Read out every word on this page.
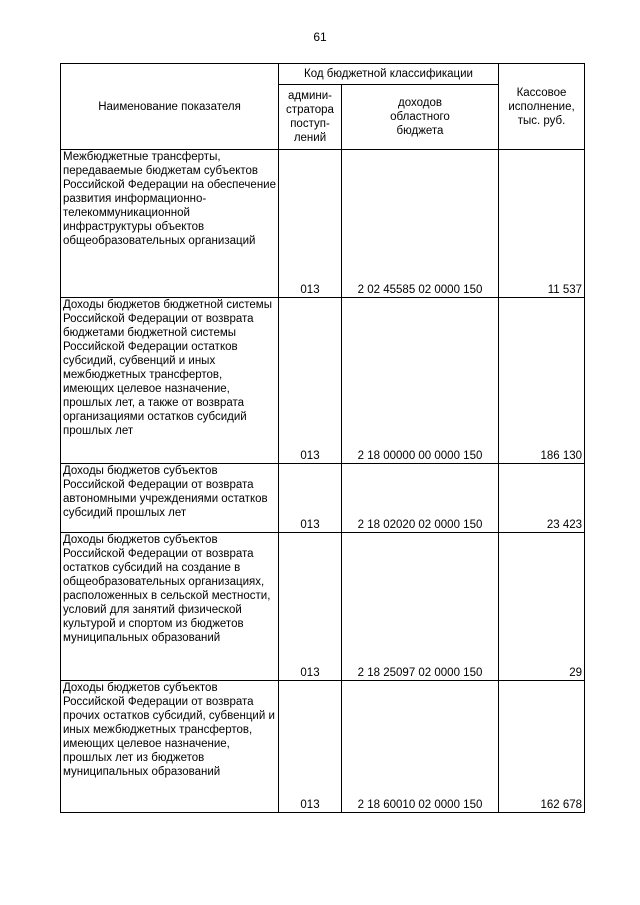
61
Наименование показателя	Код бюджетной классификации		Кассовое
исполнение,
тыс. руб.
	админи-
стратора
поступ-
лений	доходов
областного
бюджета	

Межбюджетные трансферты, передаваемые бюджетам субъектов Российской Федерации на обеспечение развития информационно-телекоммуникационной инфраструктуры объектов общеобразовательных организаций	013	2 02 45585 02 0000 150	11 537

Доходы бюджетов бюджетной системы Российской Федерации от возврата бюджетами бюджетной системы Российской Федерации остатков субсидий, субвенций и иных межбюджетных трансфертов, имеющих целевое назначение, прошлых лет, а также от возврата организациями остатков субсидий прошлых лет	013	2 18 00000 00 0000 150	186 130

Доходы бюджетов субъектов Российской Федерации от возврата автономными учреждениями остатков субсидий прошлых лет	013	2 18 02020 02 0000 150	23 423

Доходы бюджетов субъектов Российской Федерации от возврата остатков субсидий на создание в общеобразовательных организациях, расположенных в сельской местности, условий для занятий физической культурой и спортом из бюджетов муниципальных образований	013	2 18 25097 02 0000 150	29

Доходы бюджетов субъектов Российской Федерации от возврата прочих остатков субсидий, субвенций и иных межбюджетных трансфертов, имеющих целевое назначение, прошлых лет из бюджетов муниципальных образований	013	2 18 60010 02 0000 150	162 678
